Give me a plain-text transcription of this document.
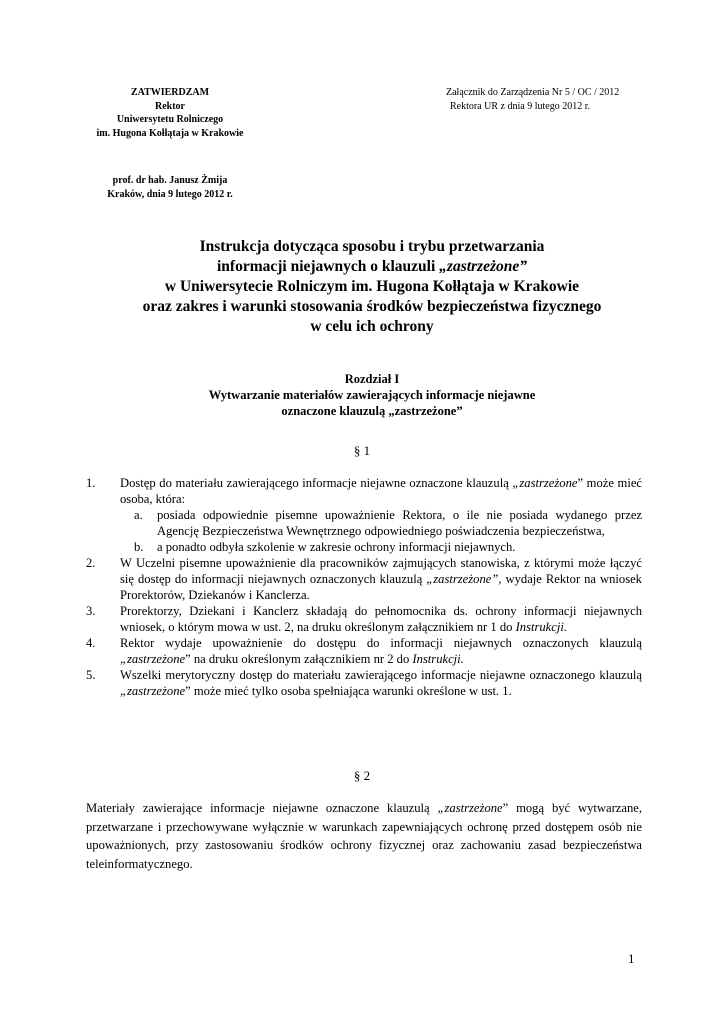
ZATWIERDZAM
Rektor
Uniwersytetu Rolniczego
im. Hugona Kołłątaja w Krakowie
prof. dr hab. Janusz Żmija
Kraków, dnia 9 lutego 2012 r.
Załącznik do Zarządzenia Nr 5 / OC / 2012
Rektora UR z dnia 9 lutego 2012 r.
Instrukcja dotycząca sposobu i trybu przetwarzania
informacji niejawnych o klauzuli „zastrzeżone”
w Uniwersytecie Rolniczym im. Hugona Kołłątaja w Krakowie
oraz zakres i warunki stosowania środków bezpieczeństwa fizycznego
w celu ich ochrony
Rozdział I
Wytwarzanie materiałów zawierających informacje niejawne
oznaczone klauzulą „zastrzeżone”
§ 1
1. Dostęp do materiału zawierającego informacje niejawne oznaczone klauzulą „zastrzeżone” może mieć osoba, która:
a. posiada odpowiednie pisemne upoważnienie Rektora, o ile nie posiada wydanego przez Agencję Bezpieczeństwa Wewnętrznego odpowiedniego poświadczenia bezpieczeństwa,
b. a ponadto odbyła szkolenie w zakresie ochrony informacji niejawnych.
2. W Uczelni pisemne upoważnienie dla pracowników zajmujących stanowiska, z którymi może łączyć się dostęp do informacji niejawnych oznaczonych klauzulą „zastrzeżone”, wydaje Rektor na wniosek Prorektorów, Dziekanów i Kanclerza.
3. Prorektorzy, Dziekani i Kanclerz składają do pełnomocnika ds. ochrony informacji niejawnych wniosek, o którym mowa w ust. 2, na druku określonym załącznikiem nr 1 do Instrukcji.
4. Rektor wydaje upoważnienie do dostępu do informacji niejawnych oznaczonych klauzulą „zastrzeżone” na druku określonym załącznikiem nr 2 do Instrukcji.
5. Wszelki merytoryczny dostęp do materiału zawierającego informacje niejawne oznaczonego klauzulą „zastrzeżone” może mieć tylko osoba spełniająca warunki określone w ust. 1.
§ 2
Materiały zawierające informacje niejawne oznaczone klauzulą „zastrzeżone” mogą być wytwarzane, przetwarzane i przechowywane wyłącznie w warunkach zapewniających ochronę przed dostępem osób nie upoważnionych, przy zastosowaniu środków ochrony fizycznej oraz zachowaniu zasad bezpieczeństwa teleinformatycznego.
1
